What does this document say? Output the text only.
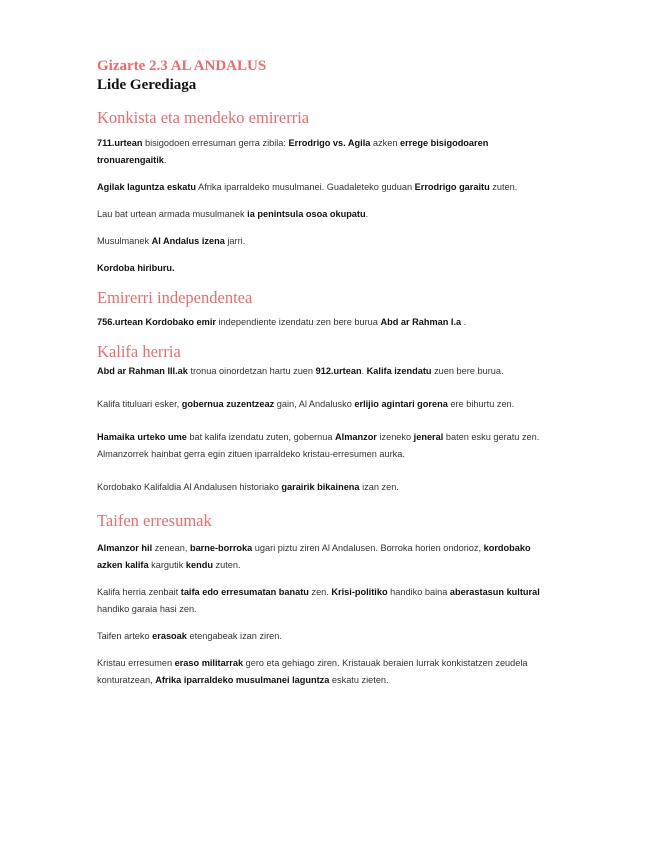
Gizarte 2.3 AL ANDALUS
Lide Gerediaga
Konkista eta mendeko emirerria

711.urtean bisigodoen erresuman gerra zibila: Errodrigo vs. Agila azken errege bisigodoaren tronuarengaitik.

Agilak laguntza eskatu Afrika iparraldeko musulmanei. Guadaleteko guduan Errodrigo garaitu zuten.

Lau bat urtean armada musulmanek ia penintsula osoa okupatu.

Musulmanek Al Andalus izena jarri.

Kordoba hiriburu.

Emirerri independentea

756.urtean Kordobako emir independiente izendatu zen bere burua Abd ar Rahman I.a .

Kalifa herria

Abd ar Rahman III.ak tronua oinordetzan hartu zuen 912.urtean. Kalifa izendatu zuen bere burua.

Kalifa tituluari esker, gobernua zuzentzeaz gain, Al Andalusko erlijio agintari gorena ere bihurtu zen.

Hamaika urteko ume bat kalifa izendatu zuten, gobernua Almanzor izeneko jeneral baten esku geratu zen. Almanzorrek hainbat gerra egin zituen iparraldeko kristau-erresumen aurka.

Kordobako Kalifaldia Al Andalusen historiako garairik bikainena izan zen.

Taifen erresumak

Almanzor hil zenean, barne-borroka ugari piztu ziren Al Andalusen. Borroka horien ondorioz, kordobako azken kalifa kargutik kendu zuten.

Kalifa herria zenbait taifa edo erresumatan banatu zen. Krisi-politiko handiko baina aberastasun kultural handiko garaia hasi zen.

Taifen arteko erasoak etengabeak izan ziren.

Kristau erresumen eraso militarrak gero eta gehiago ziren. Kristauak beraien lurrak konkistatzen zeudela konturatzean, Afrika iparraldeko musulmanei laguntza eskatu zieten.
